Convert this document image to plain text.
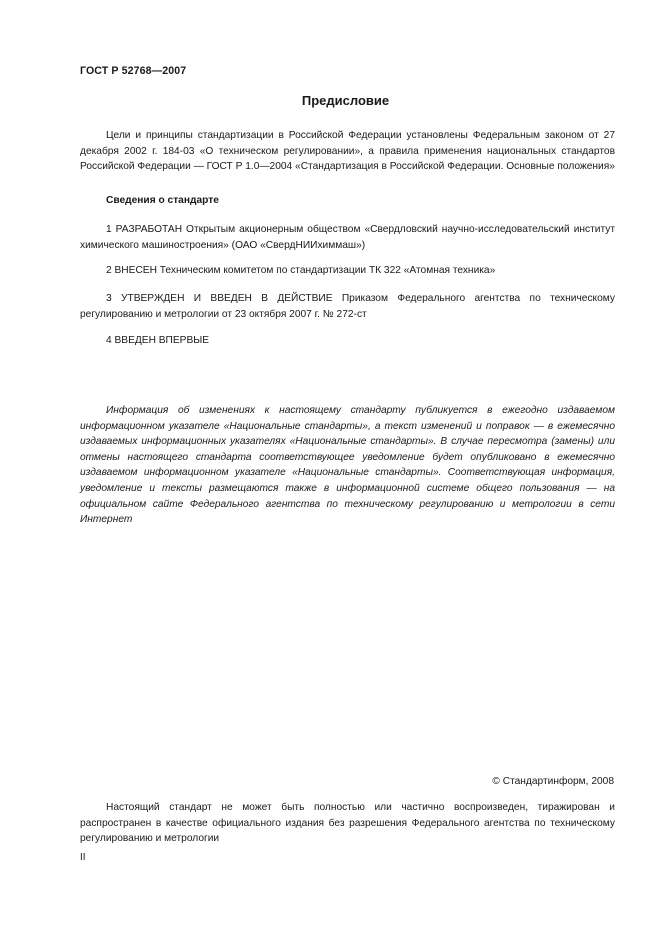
ГОСТ Р 52768—2007
Предисловие
Цели и принципы стандартизации в Российской Федерации установлены Федеральным законом от 27 декабря 2002 г. 184-03 «О техническом регулировании», а правила применения национальных стандартов Российской Федерации — ГОСТ Р 1.0—2004 «Стандартизация в Российской Федерации. Основные положения»
Сведения о стандарте
1 РАЗРАБОТАН Открытым акционерным обществом «Свердловский научно-исследовательский институт химического машиностроения» (ОАО «СвердНИИхиммаш»)
2 ВНЕСЕН Техническим комитетом по стандартизации ТК 322 «Атомная техника»
3 УТВЕРЖДЕН И ВВЕДЕН В ДЕЙСТВИЕ Приказом Федерального агентства по техническому регулированию и метрологии от 23 октября 2007 г. № 272-ст
4 ВВЕДЕН ВПЕРВЫЕ
Информация об изменениях к настоящему стандарту публикуется в ежегодно издаваемом информационном указателе «Национальные стандарты», а текст изменений и поправок — в ежемесячно издаваемых информационных указателях «Национальные стандарты». В случае пересмотра (замены) или отмены настоящего стандарта соответствующее уведомление будет опубликовано в ежемесячно издаваемом информационном указателе «Национальные стандарты». Соответствующая информация, уведомление и тексты размещаются также в информационной системе общего пользования — на официальном сайте Федерального агентства по техническому регулированию и метрологии в сети Интернет
© Стандартинформ, 2008
Настоящий стандарт не может быть полностью или частично воспроизведен, тиражирован и распространен в качестве официального издания без разрешения Федерального агентства по техническому регулированию и метрологии
II
